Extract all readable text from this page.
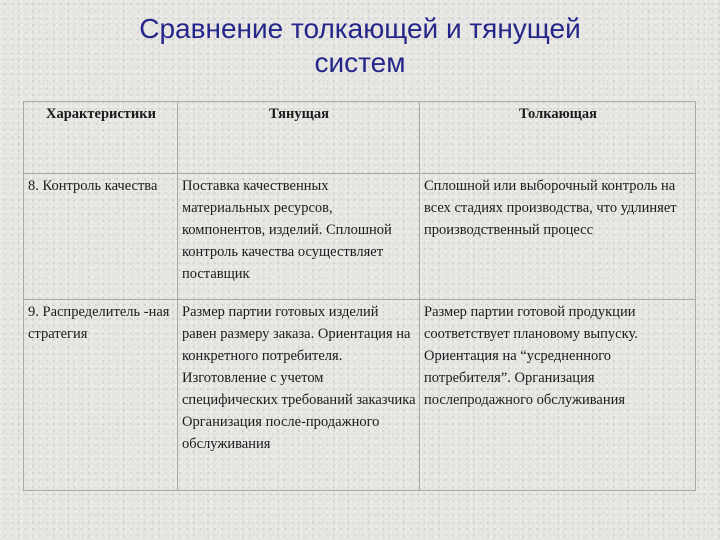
Сравнение толкающей и тянущей
систем
Характеристики	Тянущая	Толкающая
8. Контроль качества	Поставка качественных материальных ресурсов, компонентов, изделий. Сплошной контроль качества осуществляет поставщик	Сплошной или выборочный контроль на всех стадиях производства, что удлиняет производственный процесс
9. Распределитель -ная стратегия	Размер партии готовых изделий равен размеру заказа. Ориентация на конкретного потребителя. Изготовление с учетом специфических требований заказчика Организация после-продажного обслуживания	Размер партии готовой продукции соответствует плановому выпуску. Ориентация на “усредненного потребителя”. Организация послепродажного обслуживания
